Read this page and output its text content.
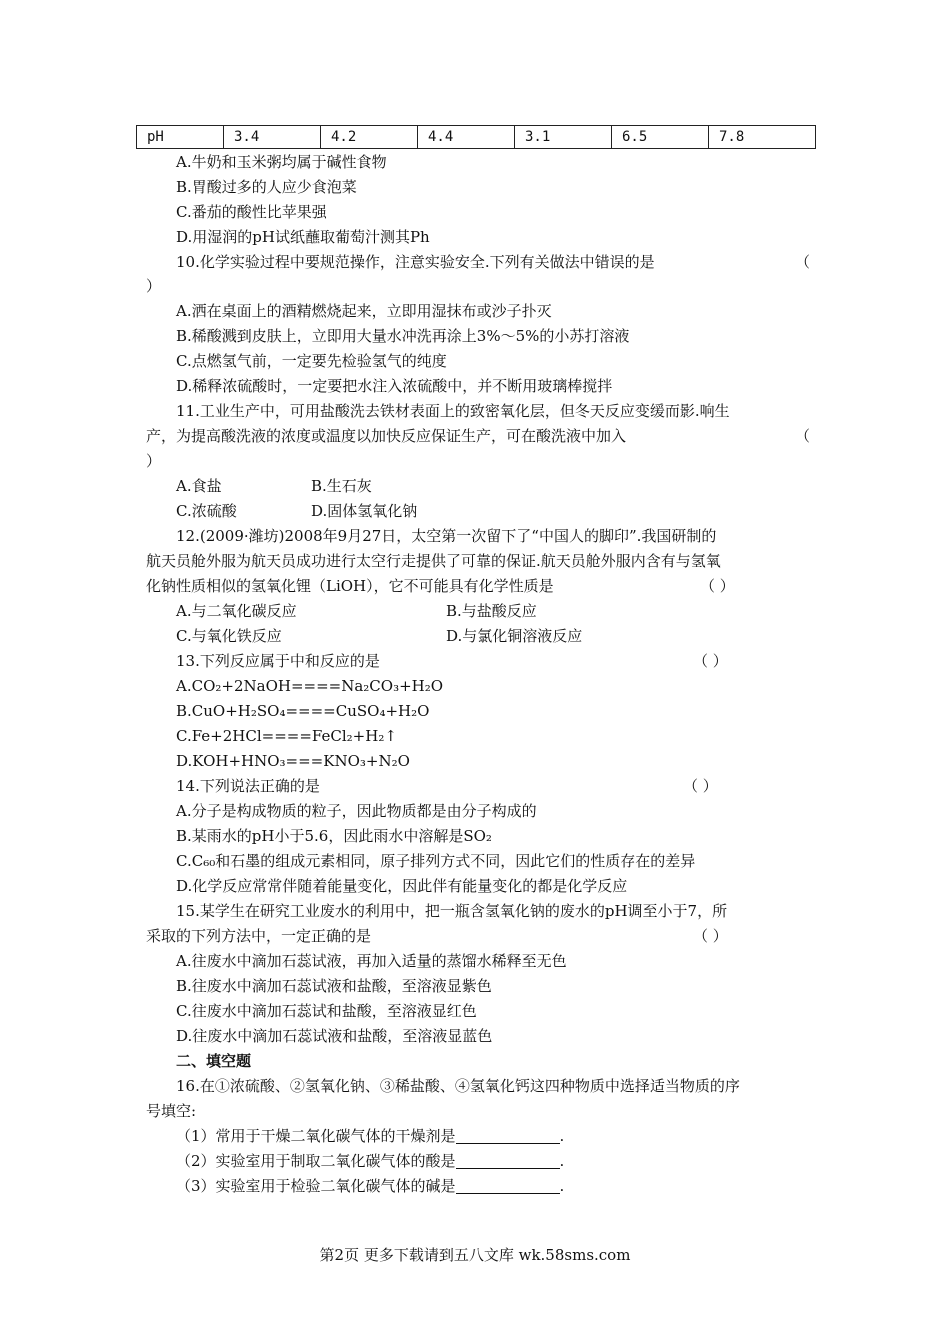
pH	3.4	4.2	4.4	3.1	6.5	7.8
A.牛奶和玉米粥均属于碱性食物
B.胃酸过多的人应少食泡菜
C.番茄的酸性比苹果强
D.用湿润的pH试纸蘸取葡萄汁测其Ph
10.化学实验过程中要规范操作，注意实验安全.下列有关做法中错误的是	（
）
A.洒在桌面上的酒精燃烧起来，立即用湿抹布或沙子扑灭
B.稀酸溅到皮肤上，立即用大量水冲洗再涂上3%～5%的小苏打溶液
C.点燃氢气前，一定要先检验氢气的纯度
D.稀释浓硫酸时，一定要把水注入浓硫酸中，并不断用玻璃棒搅拌
11.工业生产中，可用盐酸洗去铁材表面上的致密氧化层，但冬天反应变缓而影.响生
产，为提高酸洗液的浓度或温度以加快反应保证生产，可在酸洗液中加入	（
）
A.食盐	B.生石灰
C.浓硫酸	D.固体氢氧化钠
12.(2009·潍坊)2008年9月27日，太空第一次留下了“中国人的脚印”.我国研制的
航天员舱外服为航天员成功进行太空行走提供了可靠的保证.航天员舱外服内含有与氢氧
化钠性质相似的氢氧化锂（LiOH），它不可能具有化学性质是	（ ）
A.与二氧化碳反应	B.与盐酸反应
C.与氧化铁反应	D.与氯化铜溶液反应
13.下列反应属于中和反应的是	（ ）
A.CO₂+2NaOH====Na₂CO₃+H₂O
B.CuO+H₂SO₄====CuSO₄+H₂O
C.Fe+2HCl====FeCl₂+H₂↑
D.KOH+HNO₃===KNO₃+N₂O
14.下列说法正确的是	（ ）
A.分子是构成物质的粒子，因此物质都是由分子构成的
B.某雨水的pH小于5.6，因此雨水中溶解是SO₂
C.C₆₀和石墨的组成元素相同，原子排列方式不同，因此它们的性质存在的差异
D.化学反应常常伴随着能量变化，因此伴有能量变化的都是化学反应
15.某学生在研究工业废水的利用中，把一瓶含氢氧化钠的废水的pH调至小于7，所
采取的下列方法中，一定正确的是	（ ）
A.往废水中滴加石蕊试液，再加入适量的蒸馏水稀释至无色
B.往废水中滴加石蕊试液和盐酸，至溶液显紫色
C.往废水中滴加石蕊试和盐酸，至溶液显红色
D.往废水中滴加石蕊试液和盐酸，至溶液显蓝色
二、填空题
16.在①浓硫酸、②氢氧化钠、③稀盐酸、④氢氧化钙这四种物质中选择适当物质的序
号填空:
（1）常用于干燥二氧化碳气体的干燥剂是	.
（2）实验室用于制取二氧化碳气体的酸是	.
（3）实验室用于检验二氧化碳气体的碱是	.
第2页 更多下载请到五八文库 wk.58sms.com
